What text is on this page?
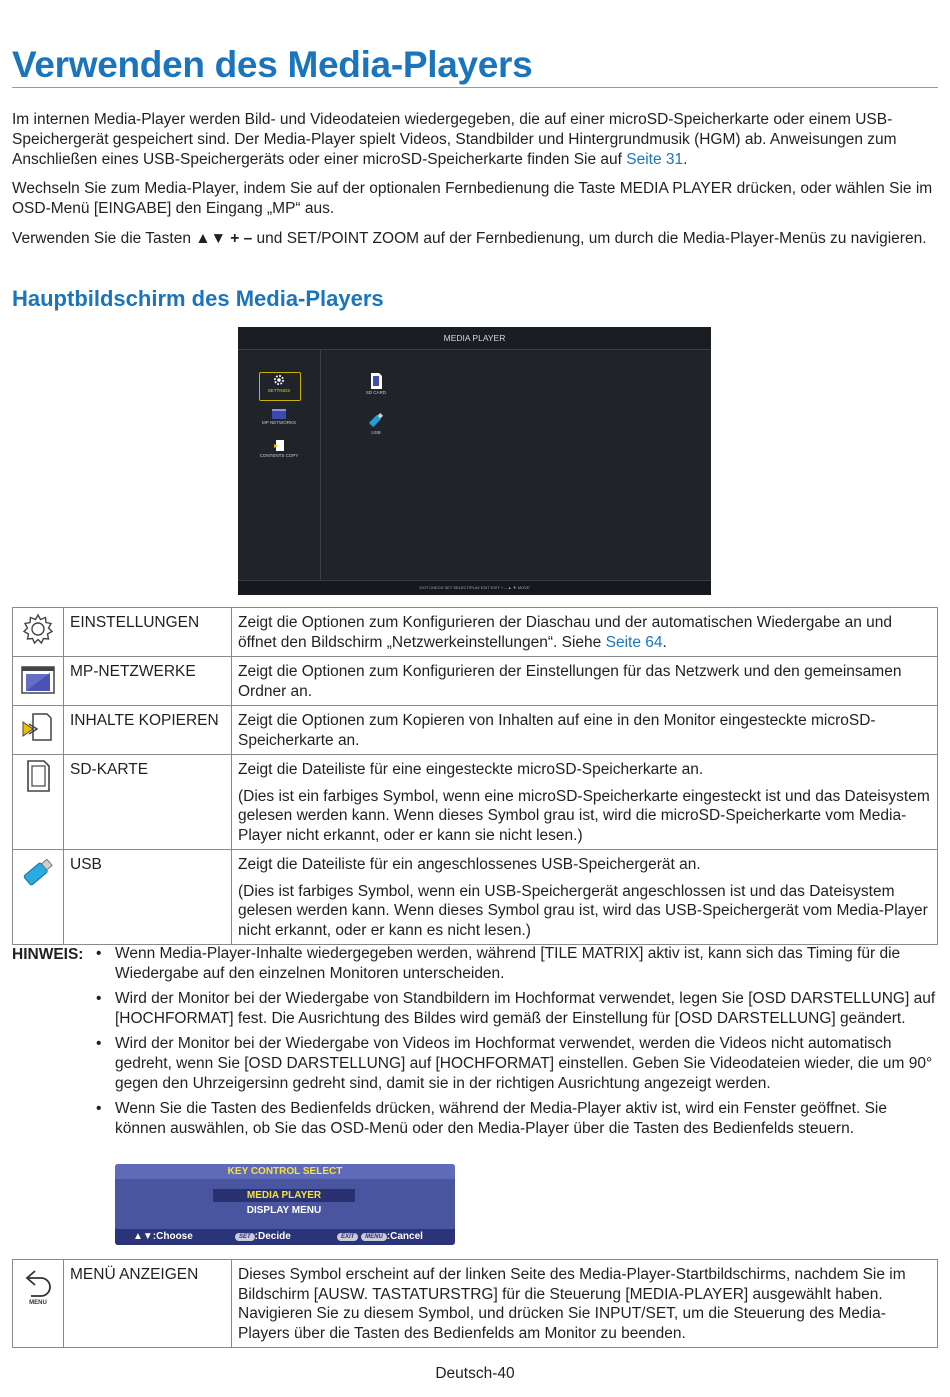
Verwenden des Media-Players

Im internen Media-Player werden Bild- und Videodateien wiedergegeben, die auf einer microSD-Speicherkarte oder einem USB-Speichergerät gespeichert sind. Der Media-Player spielt Videos, Standbilder und Hintergrundmusik (HGM) ab. Anweisungen zum Anschließen eines USB-Speichergeräts oder einer microSD-Speicherkarte finden Sie auf Seite 31.

Wechseln Sie zum Media-Player, indem Sie auf der optionalen Fernbedienung die Taste MEDIA PLAYER drücken, oder wählen Sie im OSD-Menü [EINGABE] den Eingang „MP“ aus.

Verwenden Sie die Tasten ▲▼ + – und SET/POINT ZOOM auf der Fernbedienung, um durch die Media-Player-Menüs zu navigieren.

Hauptbildschirm des Media-Players
MEDIA PLAYER
SETTINGS
MP NETWORKS
CONTENTS COPY
SD CARD
USB
EXIT CHECK SET SELECT/PLAY EXIT EXIT + – ▲ ▼ MOVE
	EINSTELLUNGEN	Zeigt die Optionen zum Konfigurieren der Diaschau und der automatischen Wiedergabe an und öffnet den Bildschirm „Netzwerkeinstellungen“. Siehe Seite 64.
	MP-NETZWERKE	Zeigt die Optionen zum Konfigurieren der Einstellungen für das Netzwerk und den gemeinsamen Ordner an.
	INHALTE KOPIEREN	Zeigt die Optionen zum Kopieren von Inhalten auf eine in den Monitor eingesteckte microSD-Speicherkarte an.
	SD-KARTE	Zeigt die Dateiliste für eine eingesteckte microSD-Speicherkarte an.
(Dies ist ein farbiges Symbol, wenn eine microSD-Speicherkarte eingesteckt ist und das Dateisystem gelesen werden kann. Wenn dieses Symbol grau ist, wird die microSD-Speicherkarte vom Media-Player nicht erkannt, oder er kann sie nicht lesen.)

	USB	Zeigt die Dateiliste für ein angeschlossenes USB-Speichergerät an.
(Dies ist farbiges Symbol, wenn ein USB-Speichergerät angeschlossen ist und das Dateisystem gelesen werden kann. Wenn dieses Symbol grau ist, wird das USB-Speichergerät vom Media-Player nicht erkannt, oder er kann es nicht lesen.)
HINWEIS:	• Wenn Media-Player-Inhalte wiedergegeben werden, während [TILE MATRIX] aktiv ist, kann sich das Timing für die Wiedergabe auf den einzelnen Monitoren unterscheiden.
• Wird der Monitor bei der Wiedergabe von Standbildern im Hochformat verwendet, legen Sie [OSD DARSTELLUNG] auf [HOCHFORMAT] fest. Die Ausrichtung des Bildes wird gemäß der Einstellung für [OSD DARSTELLUNG] geändert.
• Wird der Monitor bei der Wiedergabe von Videos im Hochformat verwendet, werden die Videos nicht automatisch gedreht, wenn Sie [OSD DARSTELLUNG] auf [HOCHFORMAT] einstellen. Geben Sie Videodateien wieder, die um 90° gegen den Uhrzeigersinn gedreht sind, damit sie in der richtigen Ausrichtung angezeigt werden.
• Wenn Sie die Tasten des Bedienfelds drücken, während der Media-Player aktiv ist, wird ein Fenster geöffnet. Sie können auswählen, ob Sie das OSD-Menü oder den Media-Player über die Tasten des Bedienfelds steuern.
KEY CONTROL SELECT
MEDIA PLAYER
DISPLAY MENU
▲▼:Choose	SET :Decide	EXIT MENU :Cancel
MENU
	MENÜ ANZEIGEN	Dieses Symbol erscheint auf der linken Seite des Media-Player-Startbildschirms, nachdem Sie im Bildschirm [AUSW. TASTATURSTRG] für die Steuerung [MEDIA-PLAYER] ausgewählt haben. Navigieren Sie zu diesem Symbol, und drücken Sie INPUT/SET, um die Steuerung des Media-Players über die Tasten des Bedienfelds am Monitor zu beenden.
Deutsch-40
